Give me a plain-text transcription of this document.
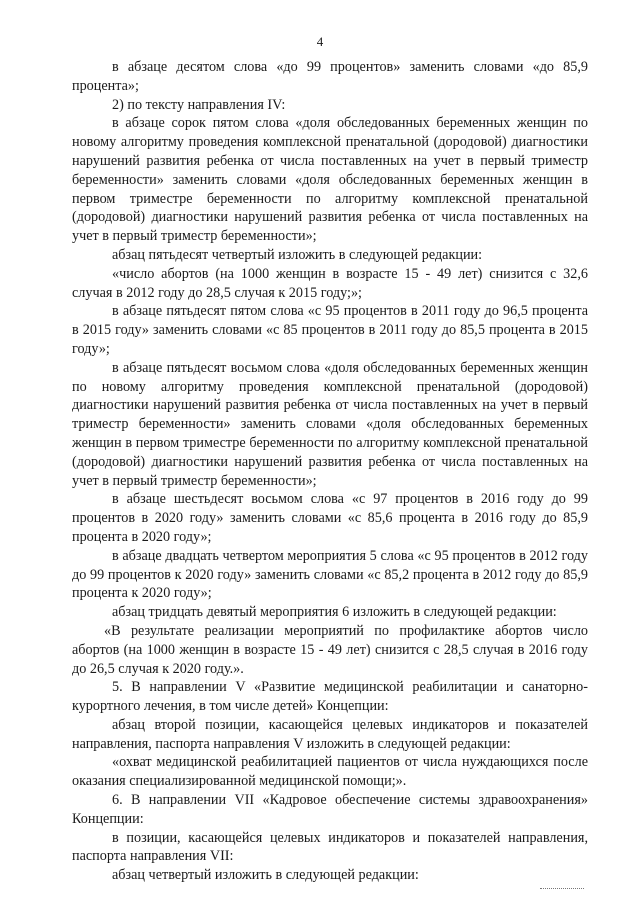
4

в абзаце десятом слова «до 99 процентов» заменить словами «до 85,9 процента»;

2) по тексту направления IV:

в абзаце сорок пятом слова «доля обследованных беременных женщин по новому алгоритму проведения комплексной пренатальной (дородовой) диагностики нарушений развития ребенка от числа поставленных на учет в первый триместр беременности» заменить словами «доля обследованных беременных женщин в первом триместре беременности по алгоритму комплексной пренатальной (дородовой) диагностики нарушений развития ребенка от числа поставленных на учет в первый триместр беременности»;

абзац пятьдесят четвертый изложить в следующей редакции:

«число абортов (на 1000 женщин в возрасте 15 - 49 лет) снизится с 32,6 случая в 2012 году до 28,5 случая к 2015 году;»;

в абзаце пятьдесят пятом слова «с 95 процентов в 2011 году до 96,5 процента в 2015 году» заменить словами «с 85 процентов в 2011 году до 85,5 процента в 2015 году»;

в абзаце пятьдесят восьмом слова «доля обследованных беременных женщин по новому алгоритму проведения комплексной пренатальной (дородовой) диагностики нарушений развития ребенка от числа поставленных на учет в первый триместр беременности» заменить словами «доля обследованных беременных женщин в первом триместре беременности по алгоритму комплексной пренатальной (дородовой) диагностики нарушений развития ребенка от числа поставленных на учет в первый триместр беременности»;

в абзаце шестьдесят восьмом слова «с 97 процентов в 2016 году до 99 процентов в 2020 году» заменить словами «с 85,6 процента в 2016 году до 85,9 процента в 2020 году»;

в абзаце двадцать четвертом мероприятия 5 слова «с 95 процентов в 2012 году до 99 процентов к 2020 году» заменить словами «с 85,2 процента в 2012 году до 85,9 процента к 2020 году»;

абзац тридцать девятый мероприятия 6 изложить в следующей редакции:

«В результате реализации мероприятий по профилактике абортов число абортов (на 1000 женщин в возрасте 15 - 49 лет) снизится с 28,5 случая в 2016 году до 26,5 случая к 2020 году.».

5. В направлении V «Развитие медицинской реабилитации и санаторно-курортного лечения, в том числе детей» Концепции:

абзац второй позиции, касающейся целевых индикаторов и показателей направления, паспорта направления V изложить в следующей редакции:

«охват медицинской реабилитацией пациентов от числа нуждающихся после оказания специализированной медицинской помощи;».

6. В направлении VII «Кадровое обеспечение системы здравоохранения» Концепции:

в позиции, касающейся целевых индикаторов и показателей направления, паспорта направления VII:

абзац четвертый изложить в следующей редакции:
